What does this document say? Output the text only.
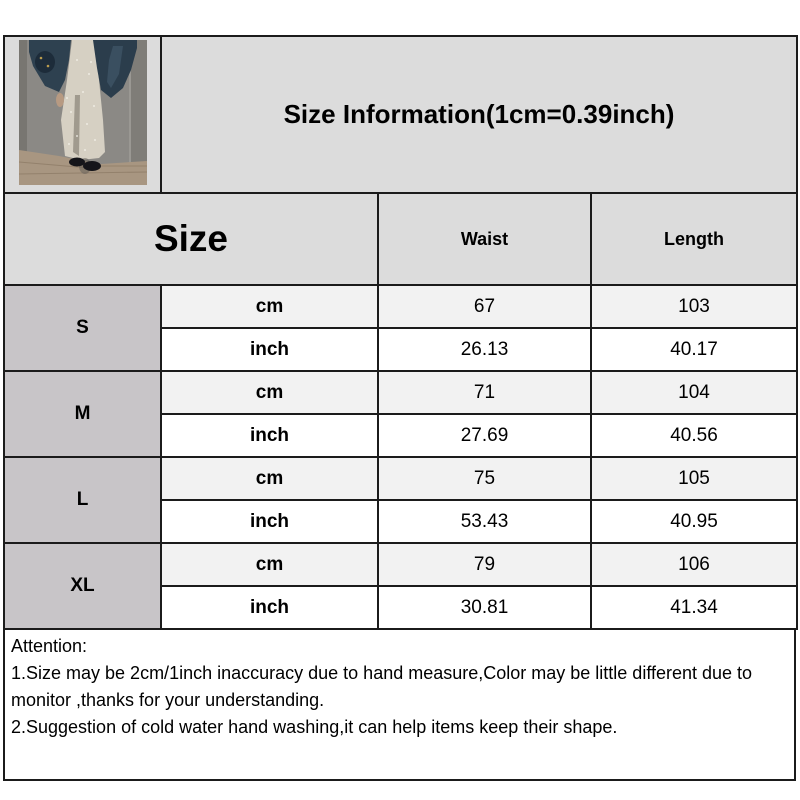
	Size Information(1cm=0.39inch)		
Size		Waist	Length
S	cm	67	103
	inch	26.13	40.17
M	cm	71	104
	inch	27.69	40.56
L	cm	75	105
	inch	53.43	40.95
XL	cm	79	106
	inch	30.81	41.34

Attention:

1.Size may be 2cm/1inch inaccuracy due to hand measure,Color may be little different due to monitor ,thanks for your understanding.

2.Suggestion of cold water hand washing,it can help items keep their shape.
